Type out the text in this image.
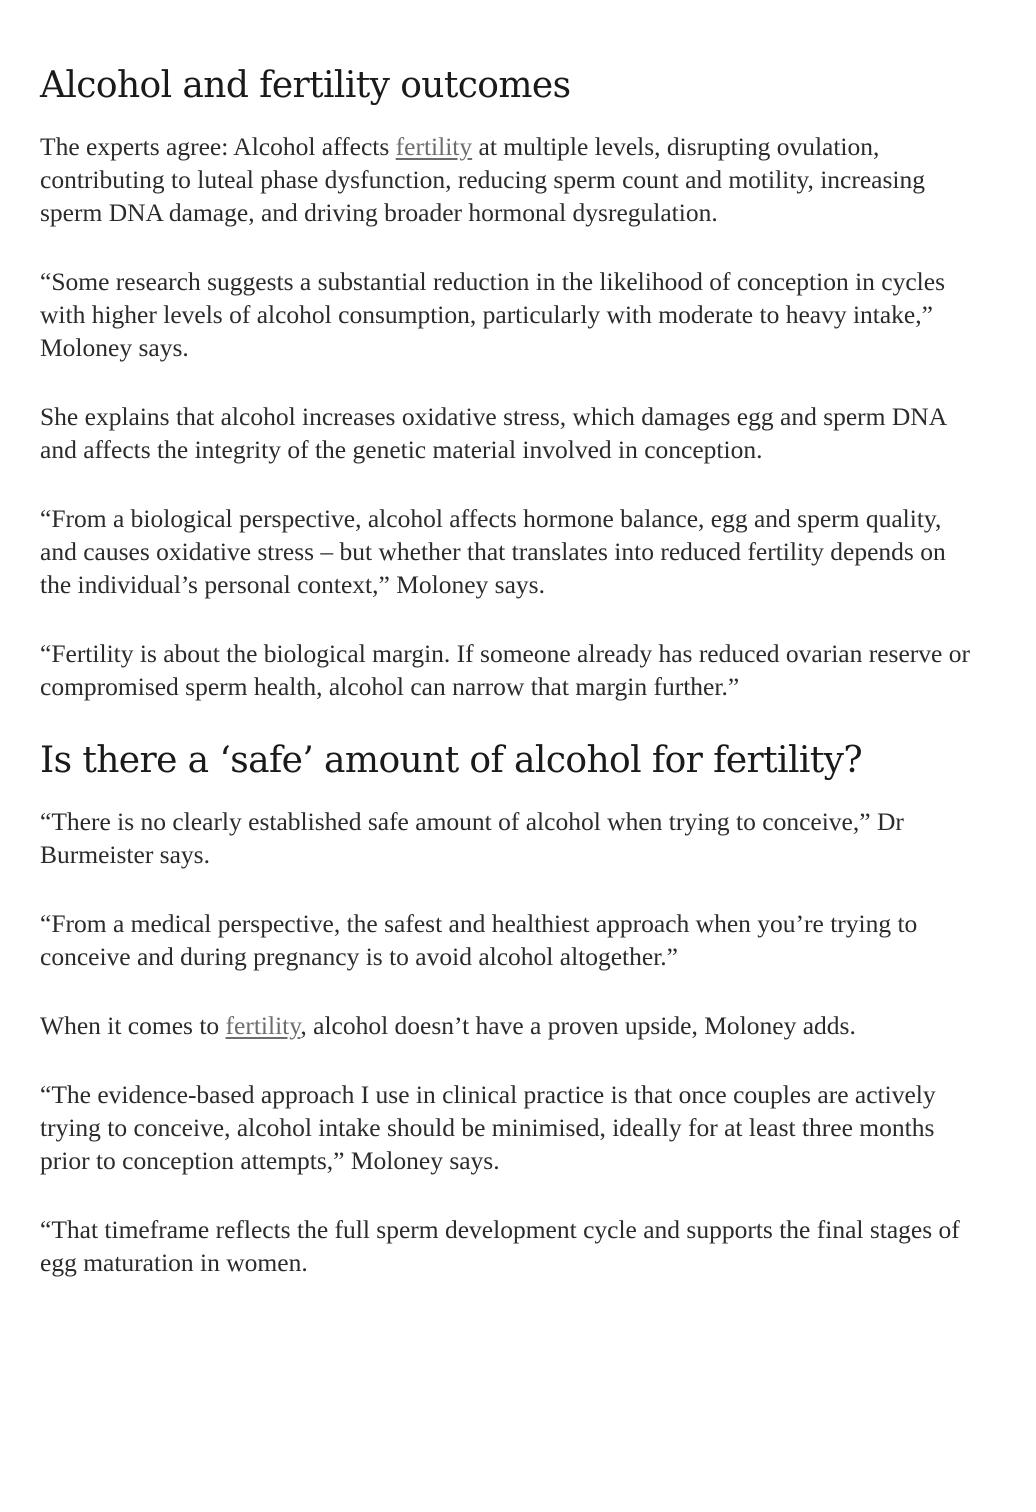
Alcohol and fertility outcomes

The experts agree: Alcohol affects fertility at multiple levels, disrupting ovulation, contributing to luteal phase dysfunction, reducing sperm count and motility, increasing sperm DNA damage, and driving broader hormonal dysregulation.

“Some research suggests a substantial reduction in the likelihood of conception in cycles with higher levels of alcohol consumption, particularly with moderate to heavy intake,” Moloney says.

She explains that alcohol increases oxidative stress, which damages egg and sperm DNA and affects the integrity of the genetic material involved in conception.

“From a biological perspective, alcohol affects hormone balance, egg and sperm quality, and causes oxidative stress – but whether that translates into reduced fertility depends on the individual’s personal context,” Moloney says.

“Fertility is about the biological margin. If someone already has reduced ovarian reserve or compromised sperm health, alcohol can narrow that margin further.”

Is there a ‘safe’ amount of alcohol for fertility?

“There is no clearly established safe amount of alcohol when trying to conceive,” Dr Burmeister says.

“From a medical perspective, the safest and healthiest approach when you’re trying to conceive and during pregnancy is to avoid alcohol altogether.”

When it comes to fertility, alcohol doesn’t have a proven upside, Moloney adds.

“The evidence-based approach I use in clinical practice is that once couples are actively trying to conceive, alcohol intake should be minimised, ideally for at least three months prior to conception attempts,” Moloney says.

“That timeframe reflects the full sperm development cycle and supports the final stages of egg maturation in women.
